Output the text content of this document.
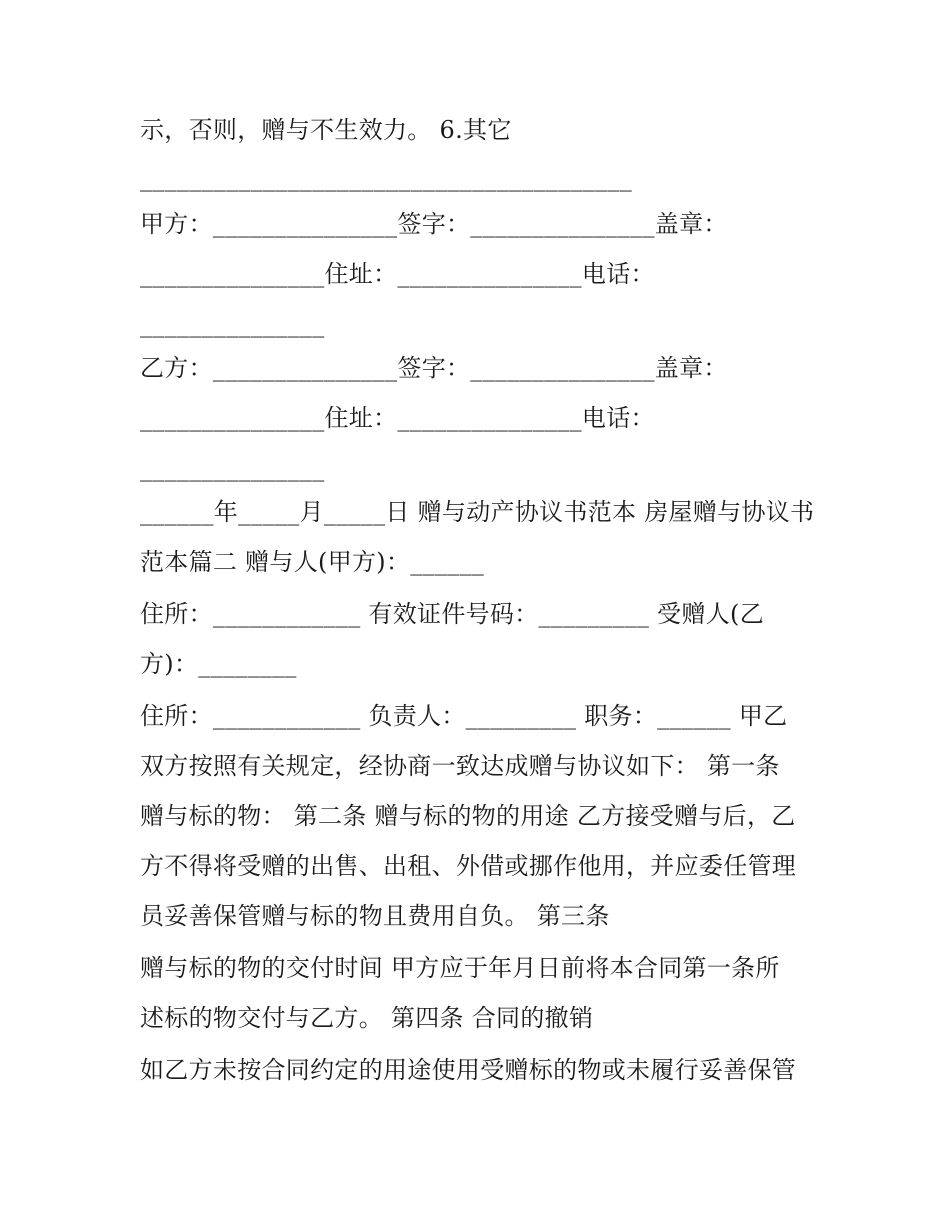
示，否则，赠与不生效力。 6.其它
________________________________________
甲方：_______________签字：_______________盖章：
_______________住址：_______________电话：
_______________
乙方：_______________签字：_______________盖章：
_______________住址：_______________电话：
_______________
______年_____月_____日 赠与动产协议书范本 房屋赠与协议书
范本篇二 赠与人(甲方)：______
住所：____________ 有效证件号码：_________ 受赠人(乙
方)：________
住所：____________ 负责人：_________ 职务：______ 甲乙
双方按照有关规定，经协商一致达成赠与协议如下： 第一条
赠与标的物： 第二条 赠与标的物的用途 乙方接受赠与后，乙
方不得将受赠的出售、出租、外借或挪作他用，并应委任管理
员妥善保管赠与标的物且费用自负。 第三条
赠与标的物的交付时间 甲方应于年月日前将本合同第一条所
述标的物交付与乙方。 第四条 合同的撤销
如乙方未按合同约定的用途使用受赠标的物或未履行妥善保管
